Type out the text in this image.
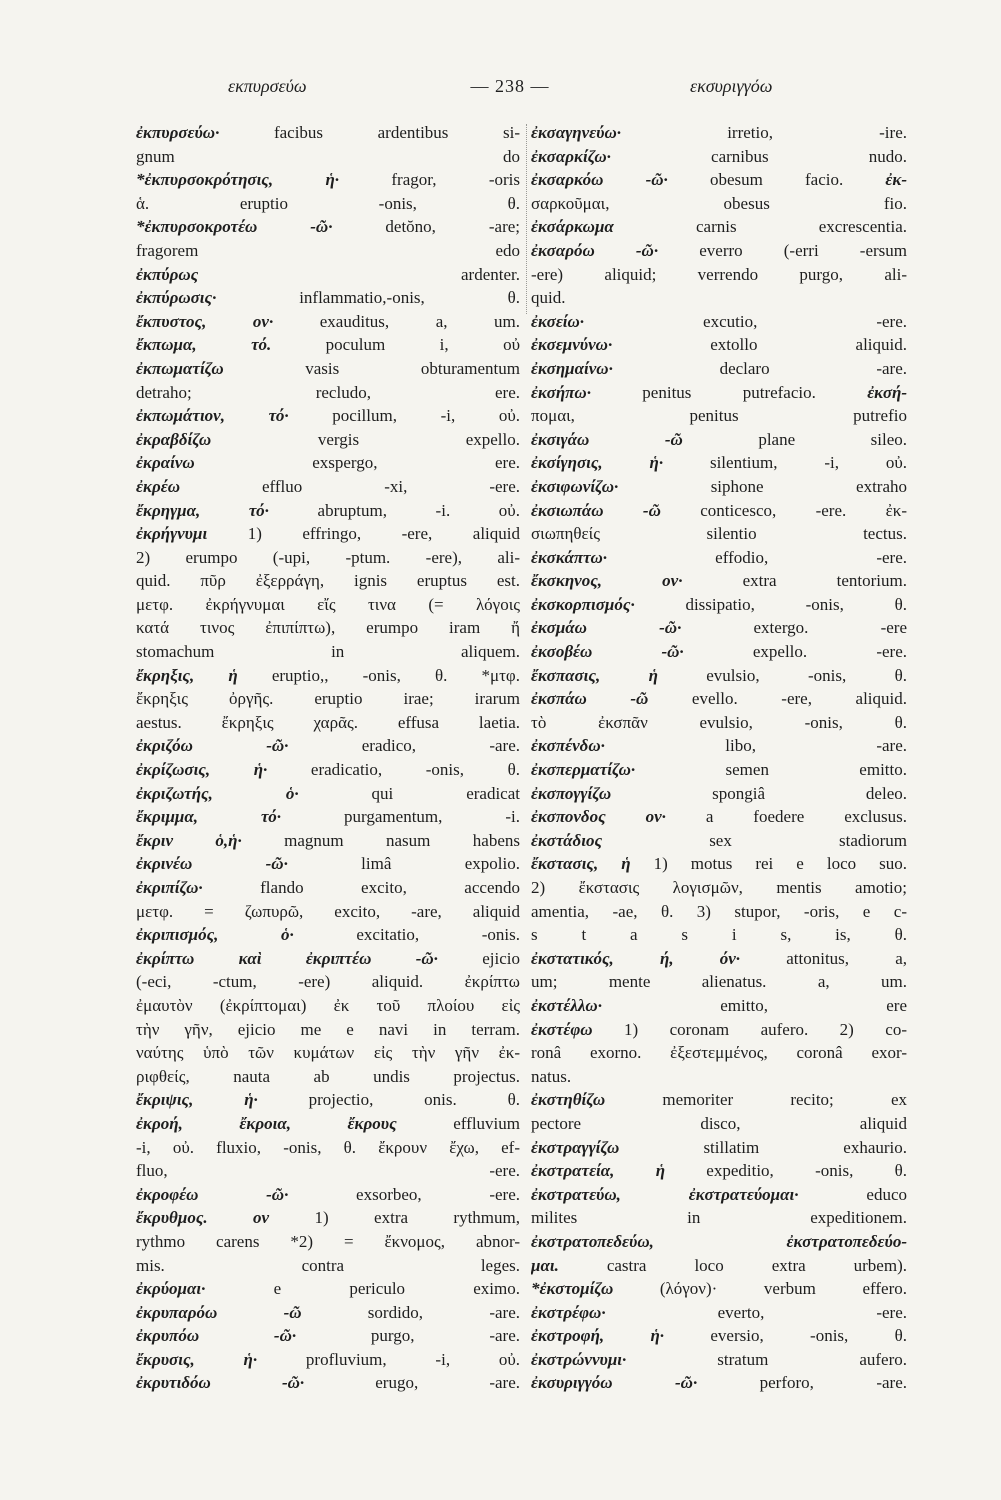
εκπυρσεύω	— 238 —	εκσυριγγόω
ἐκπυρσεύω· facibus ardentibus si-
gnum do
*ἐκπυρσοκρότησις, ἡ· fragor, -oris
ἁ. eruptio -onis, θ.
*ἐκπυρσοκροτέω -ῶ· detŏno, -are;
fragorem edo
ἐκπύρως ardenter.
ἐκπύρωσις· inflammatio,-onis, θ.
ἔκπυστος, ον· exauditus, a, um.
ἔκπωμα, τό. poculum i, οὐ
ἐκπωματίζω vasis obturamentum
detraho; recludo, ere.
ἐκπωμάτιον, τό· pocillum, -i, οὐ.
ἐκραβδίζω vergis expello.
ἐκραίνω exspergo, ere.
ἐκρέω effluo -xi, -ere.
ἔκρηγμα, τό· abruptum, -i. οὐ.
ἐκρήγνυμι 1) effringo, -ere, aliquid
2) erumpo (-upi, -ptum. -ere), ali-
quid. πῦρ ἐξερράγη, ignis eruptus est.
μετφ. ἐκρήγνυμαι εἴς τινα (= λόγοις
κατά τινος ἐπιπίπτω), erumpo iram ἤ
stomachum in aliquem.
ἔκρηξις, ἡ eruptio,, -onis, θ. *μτφ.
ἔκρηξις ὀργῆς. eruptio irae; irarum
aestus. ἔκρηξις χαρᾶς. effusa laetia.
ἐκριζόω -ῶ· eradico, -are.
ἐκρίζωσις, ἡ· eradicatio, -onis, θ.
ἐκριζωτής, ὁ· qui eradicat
ἔκριμμα, τό· purgamentum, -i.
ἔκριν ὁ,ἡ· magnum nasum habens
ἐκρινέω -ῶ· limâ expolio.
ἐκριπίζω· flando excito, accendo
μετφ. = ζωπυρῶ, excito, -are, aliquid
ἐκριπισμός, ὁ· excitatio, -onis.
ἐκρίπτω καὶ ἐκριπτέω -ῶ· ejicio
(-eci, -ctum, -ere) aliquid. ἐκρίπτω
ἐμαυτὸν (ἐκρίπτομαι) ἐκ τοῦ πλοίου εἰς
τὴν γῆν, ejicio me e navi in terram.
ναύτης ὑπὸ τῶν κυμάτων εἰς τὴν γῆν ἐκ-
ριφθείς, nauta ab undis projectus.
ἔκριψις, ἡ· projectio, onis. θ.
ἐκροή, ἔκροια, ἔκρους effluvium
-i, οὐ. fluxio, -onis, θ. ἔκρουν ἔχω, ef-
fluo, -ere.
ἐκροφέω -ῶ· exsorbeo, -ere.
ἔκρυθμος. ον 1) extra rythmum,
rythmo carens *2) = ἔκνομος, abnor-
mis. contra leges.
ἐκρύομαι· e periculo eximo.
ἐκρυπαρόω -ῶ sordido, -are.
ἐκρυπόω -ῶ· purgo, -are.
ἔκρυσις, ἡ· profluvium, -i, οὐ.
ἐκρυτιδόω -ῶ· erugo, -are.
ἐκσαγηνεύω· irretio, -ire.
ἐκσαρκίζω· carnibus nudo.
ἐκσαρκόω -ῶ· obesum facio. ἐκ-
σαρκοῦμαι, obesus fio.
ἐκσάρκωμα carnis excrescentia.
ἐκσαρόω -ῶ· everro (-erri -ersum
-ere) aliquid; verrendo purgo, ali-
quid.
ἐκσείω· excutio, -ere.
ἐκσεμνύνω· extollo aliquid.
ἐκσημαίνω· declaro -are.
ἐκσήπω· penitus putrefacio. ἐκσή-
πομαι, penitus putrefio
ἐκσιγάω -ῶ plane sileo.
ἐκσίγησις, ἡ· silentium, -i, οὐ.
ἐκσιφωνίζω· siphone extraho
ἐκσιωπάω -ῶ conticesco, -ere. ἐκ-
σιωπηθείς silentio tectus.
ἐκσκάπτω· effodio, -ere.
ἔκσκηνος, ον· extra tentorium.
ἐκσκορπισμός· dissipatio, -onis, θ.
ἐκσμάω -ῶ· extergo. -ere
ἐκσοβέω -ῶ· expello. -ere.
ἔκσπασις, ἡ evulsio, -onis, θ.
ἐκσπάω -ῶ evello. -ere, aliquid.
τὸ ἐκσπᾶν evulsio, -onis, θ.
ἐκσπένδω· libo, -are.
ἐκσπερματίζω· semen emitto.
ἐκσπογγίζω spongiâ deleo.
ἐκσπονδος ον· a foedere exclusus.
ἐκστάδιος sex stadiorum
ἔκστασις, ἡ 1) motus rei e loco suo.
2) ἔκστασις λογισμῶν, mentis amotio;
amentia, -ae, θ. 3) stupor, -oris, e c-
s t a s i s, is, θ.
ἐκστατικός, ή, όν· attonitus, a,
um; mente alienatus. a, um.
ἐκστέλλω· emitto, ere
ἐκστέφω 1) coronam aufero. 2) co-
ronâ exorno. ἐξεστεμμένος, coronâ exor-
natus.
ἐκστηθίζω memoriter recito; ex
pectore disco, aliquid
ἐκστραγγίζω stillatim exhaurio.
ἐκστρατεία, ἡ expeditio, -onis, θ.
ἐκστρατεύω, ἐκστρατεύομαι· educo
milites in expeditionem.
ἐκστρατοπεδεύω, ἐκστρατοπεδεύο-
μαι. castra loco extra urbem).
*ἐκστομίζω (λόγον)· verbum effero.
ἐκστρέφω· everto, -ere.
ἐκστροφή, ἡ· eversio, -onis, θ.
ἐκστρώννυμι· stratum aufero.
ἐκσυριγγόω -ῶ· perforo, -are.
